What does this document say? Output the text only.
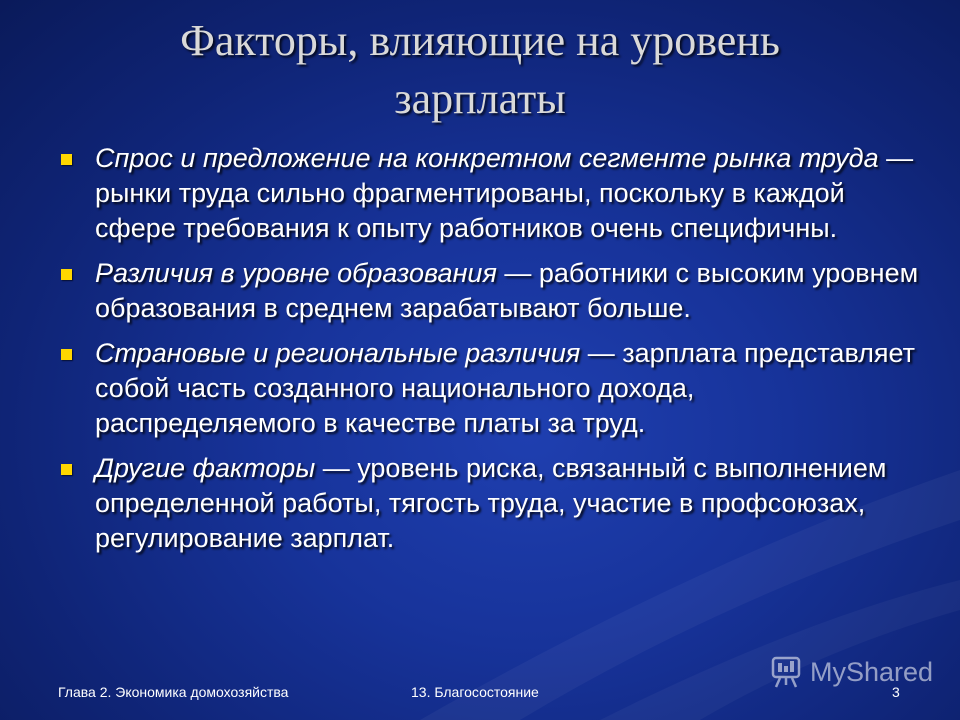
Факторы, влияющие на уровень
зарплаты
Спрос и предложение на конкретном сегменте рынка труда — рынки труда сильно фрагментированы, поскольку в каждой сфере требования к опыту работников очень специфичны.
Различия в уровне образования — работники с высоким уровнем образования в среднем зарабатывают больше.
Страновые и региональные различия — зарплата представляет собой часть созданного национального дохода, распределяемого в качестве платы за труд.
Другие факторы — уровень риска, связанный с выполнением определенной работы, тягость труда, участие в профсоюзах, регулирование зарплат.
MyShared
Глава 2. Экономика домохозяйства	13. Благосостояние	3
